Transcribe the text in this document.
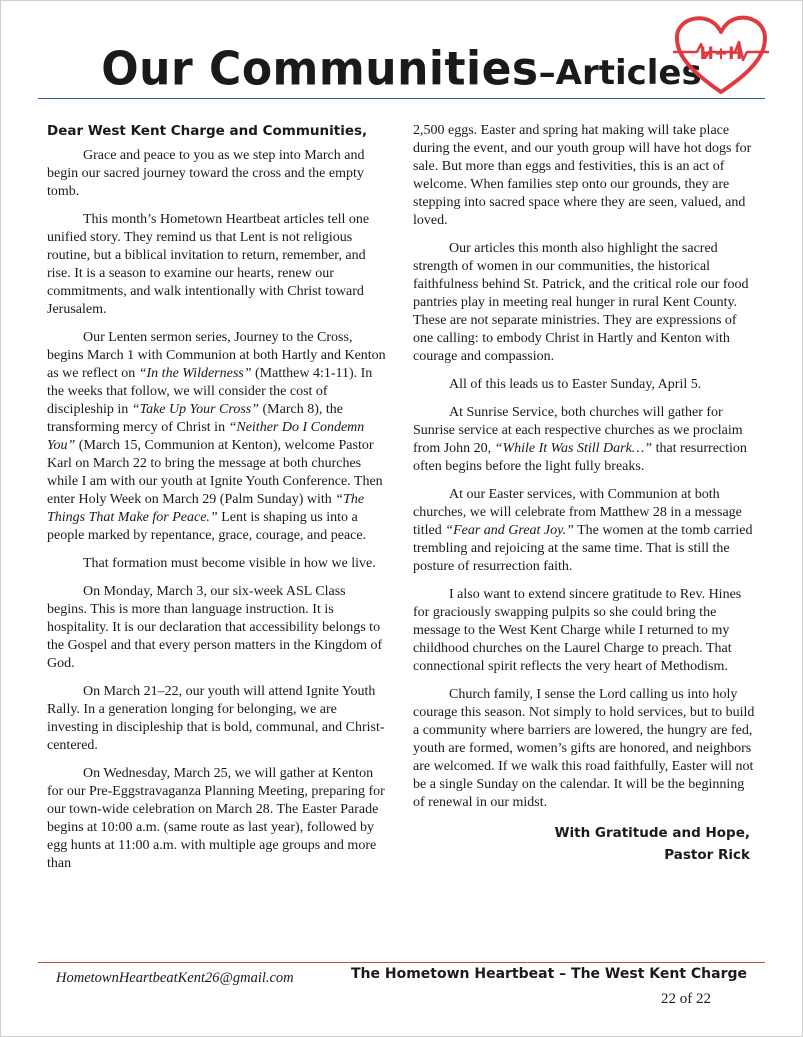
Our Communities–Articles
H+H
Dear West Kent Charge and Communities,

Grace and peace to you as we step into March and begin our sacred journey toward the cross and the empty tomb.

This month’s Hometown Heartbeat articles tell one unified story. They remind us that Lent is not religious routine, but a biblical invitation to return, remember, and rise. It is a season to examine our hearts, renew our commitments, and walk intentionally with Christ toward Jerusalem.

Our Lenten sermon series, Journey to the Cross, begins March 1 with Communion at both Hartly and Kenton as we reflect on “In the Wilderness” (Matthew 4:1-11). In the weeks that follow, we will consider the cost of discipleship in “Take Up Your Cross” (March 8), the transforming mercy of Christ in “Neither Do I Condemn You” (March 15, Communion at Kenton), welcome Pastor Karl on March 22 to bring the message at both churches while I am with our youth at Ignite Youth Conference. Then enter Holy Week on March 29 (Palm Sunday) with “The Things That Make for Peace.” Lent is shaping us into a people marked by repentance, grace, courage, and peace.

That formation must become visible in how we live.

On Monday, March 3, our six-week ASL Class begins. This is more than language instruction. It is hospitality. It is our declaration that accessibility belongs to the Gospel and that every person matters in the Kingdom of God.

On March 21–22, our youth will attend Ignite Youth Rally. In a generation longing for belonging, we are investing in discipleship that is bold, communal, and Christ-centered.

On Wednesday, March 25, we will gather at Kenton for our Pre-Eggstravaganza Planning Meeting, preparing for our town-wide celebration on March 28. The Easter Parade begins at 10:00 a.m. (same route as last year), followed by egg hunts at 11:00 a.m. with multiple age groups and more than

2,500 eggs. Easter and spring hat making will take place during the event, and our youth group will have hot dogs for sale. But more than eggs and festivities, this is an act of welcome. When families step onto our grounds, they are stepping into sacred space where they are seen, valued, and loved.

Our articles this month also highlight the sacred strength of women in our communities, the historical faithfulness behind St. Patrick, and the critical role our food pantries play in meeting real hunger in rural Kent County. These are not separate ministries. They are expressions of one calling: to embody Christ in Hartly and Kenton with courage and compassion.

All of this leads us to Easter Sunday, April 5.

At Sunrise Service, both churches will gather for Sunrise service at each respective churches as we proclaim from John 20, “While It Was Still Dark…” that resurrection often begins before the light fully breaks.

At our Easter services, with Communion at both churches, we will celebrate from Matthew 28 in a message titled “Fear and Great Joy.” The women at the tomb carried trembling and rejoicing at the same time. That is still the posture of resurrection faith.

I also want to extend sincere gratitude to Rev. Hines for graciously swapping pulpits so she could bring the message to the West Kent Charge while I returned to my childhood churches on the Laurel Charge to preach. That connectional spirit reflects the very heart of Methodism.

Church family, I sense the Lord calling us into holy courage this season. Not simply to hold services, but to build a community where barriers are lowered, the hungry are fed, youth are formed, women’s gifts are honored, and neighbors are welcomed. If we walk this road faithfully, Easter will not be a single Sunday on the calendar. It will be the beginning of renewal in our midst.

With Gratitude and Hope,
Pastor Rick
HometownHeartbeatKent26@gmail.com	The Hometown Heartbeat – The West Kent Charge
22 of 22
